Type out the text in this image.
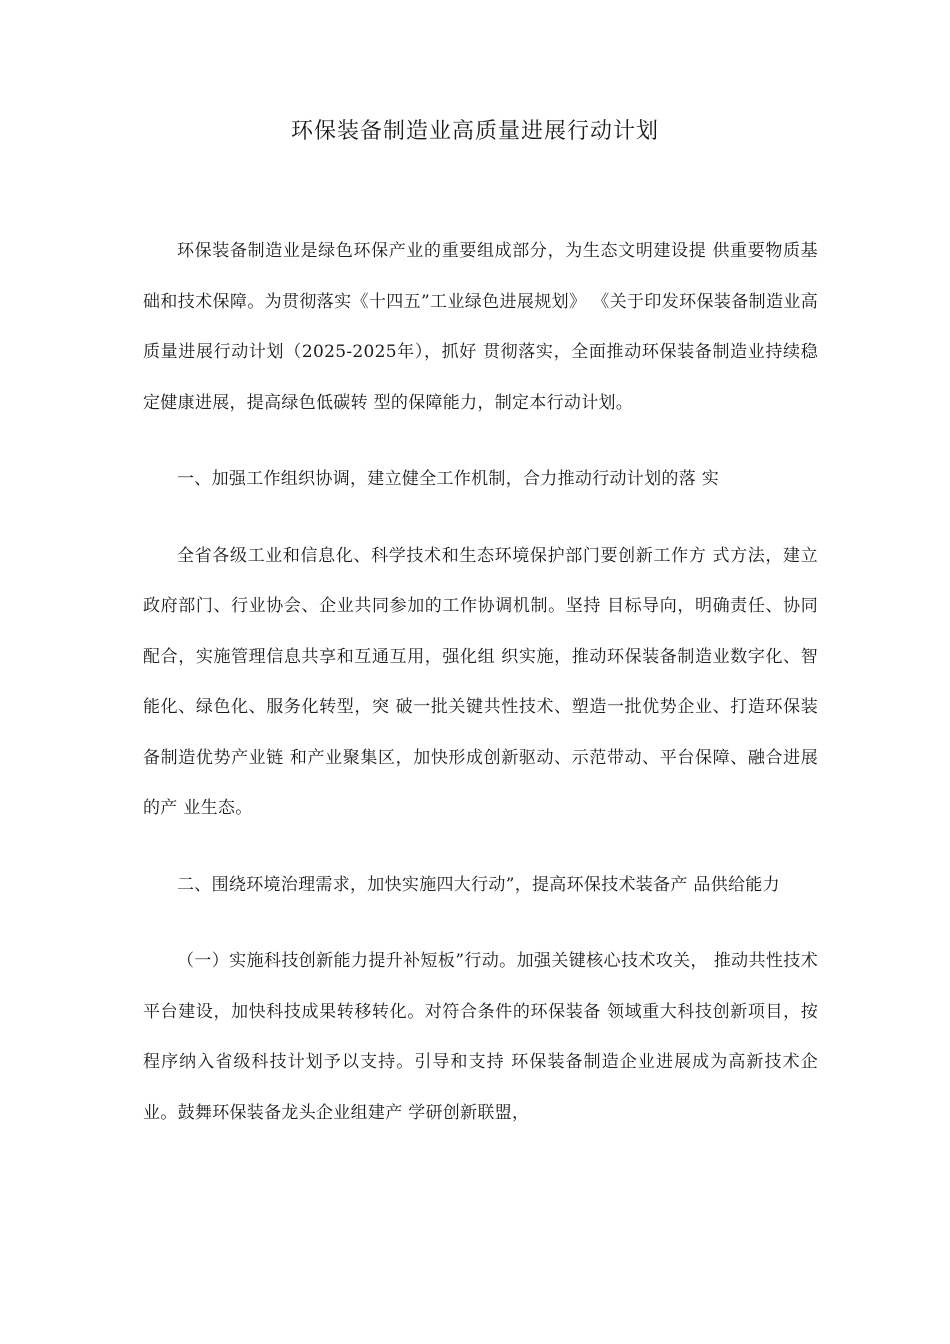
环保装备制造业高质量进展行动计划

环保装备制造业是绿色环保产业的重要组成部分，为生态文明建设提 供重要物质基础和技术保障。为贯彻落实《十四五”工业绿色进展规划》 《关于印发环保装备制造业高质量进展行动计划（2025-2025年），抓好 贯彻落实，全面推动环保装备制造业持续稳定健康进展，提高绿色低碳转 型的保障能力，制定本行动计划。

一、加强工作组织协调，建立健全工作机制，合力推动行动计划的落 实

全省各级工业和信息化、科学技术和生态环境保护部门要创新工作方 式方法，建立政府部门、行业协会、企业共同参加的工作协调机制。坚持 目标导向，明确责任、协同配合，实施管理信息共享和互通互用，强化组 织实施，推动环保装备制造业数字化、智能化、绿色化、服务化转型，突 破一批关键共性技术、塑造一批优势企业、打造环保装备制造优势产业链 和产业聚集区，加快形成创新驱动、示范带动、平台保障、融合进展的产 业生态。

二、围绕环境治理需求，加快实施四大行动”，提高环保技术装备产 品供给能力

（一）实施科技创新能力提升补短板”行动。加强关键核心技术攻关， 推动共性技术平台建设，加快科技成果转移转化。对符合条件的环保装备 领域重大科技创新项目，按程序纳入省级科技计划予以支持。引导和支持 环保装备制造企业进展成为高新技术企业。鼓舞环保装备龙头企业组建产 学研创新联盟，
